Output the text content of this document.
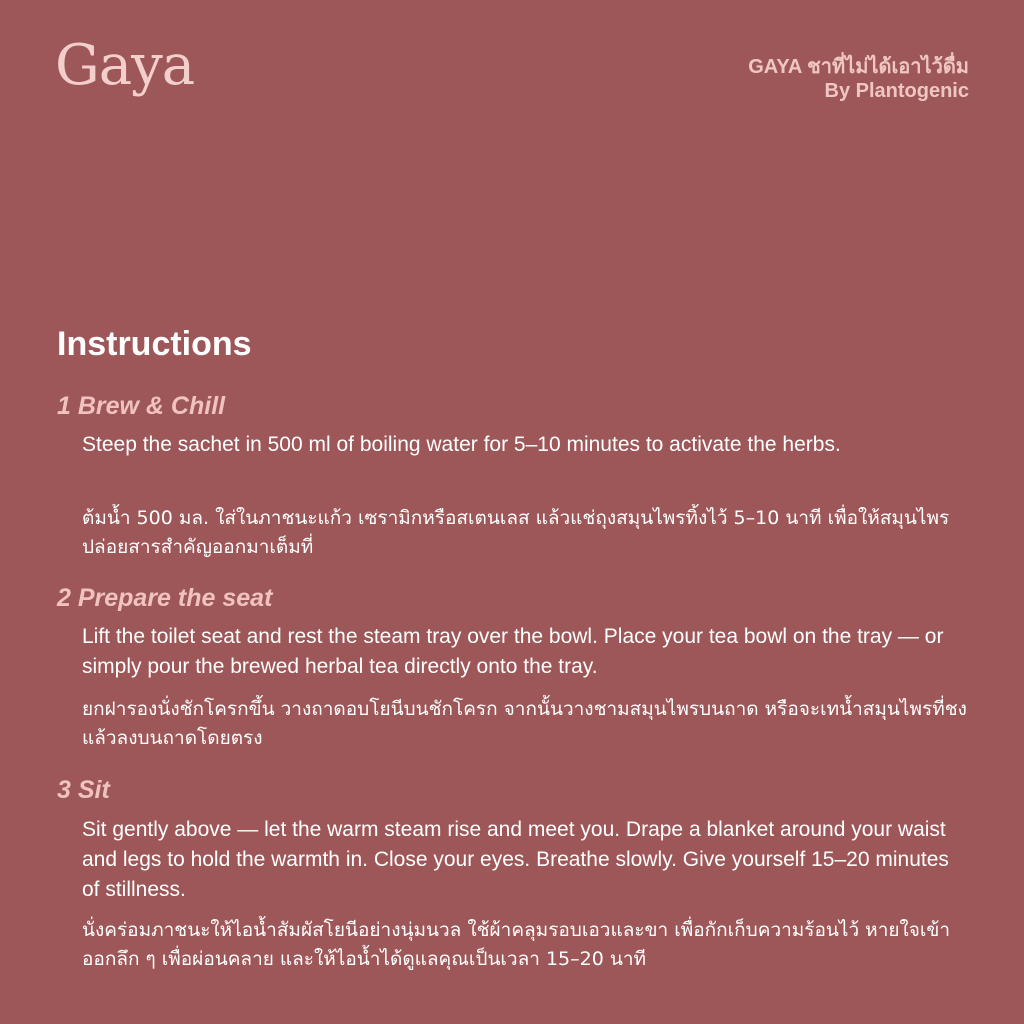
Gaya	GAYA ชาที่ไม่ได้เอาไว้ดื่ม
By Plantogenic
Instructions
1 Brew & Chill

Steep the sachet in 500 ml of boiling water for 5–10 minutes to activate the herbs.

ต้มน้ำ 500 มล. ใส่ในภาชนะแก้ว เซรามิกหรือสเตนเลส แล้วแช่ถุงสมุนไพรทิ้งไว้ 5–10 นาที เพื่อให้สมุนไพรปล่อยสารสำคัญออกมาเต็มที่

2 Prepare the seat

Lift the toilet seat and rest the steam tray over the bowl. Place your tea bowl on the tray — or simply pour the brewed herbal tea directly onto the tray.

ยกฝารองนั่งชักโครกขึ้น วางถาดอบโยนีบนชักโครก จากนั้นวางชามสมุนไพรบนถาด หรือจะเทน้ำสมุนไพรที่ชงแล้วลงบนถาดโดยตรง

3 Sit

Sit gently above — let the warm steam rise and meet you. Drape a blanket around your waist and legs to hold the warmth in. Close your eyes. Breathe slowly. Give yourself 15–20 minutes of stillness.

นั่งคร่อมภาชนะให้ไอน้ำสัมผัสโยนีอย่างนุ่มนวล ใช้ผ้าคลุมรอบเอวและขา เพื่อกักเก็บความร้อนไว้ หายใจเข้าออกลึก ๆ เพื่อผ่อนคลาย และให้ไอน้ำได้ดูแลคุณเป็นเวลา 15–20 นาที
